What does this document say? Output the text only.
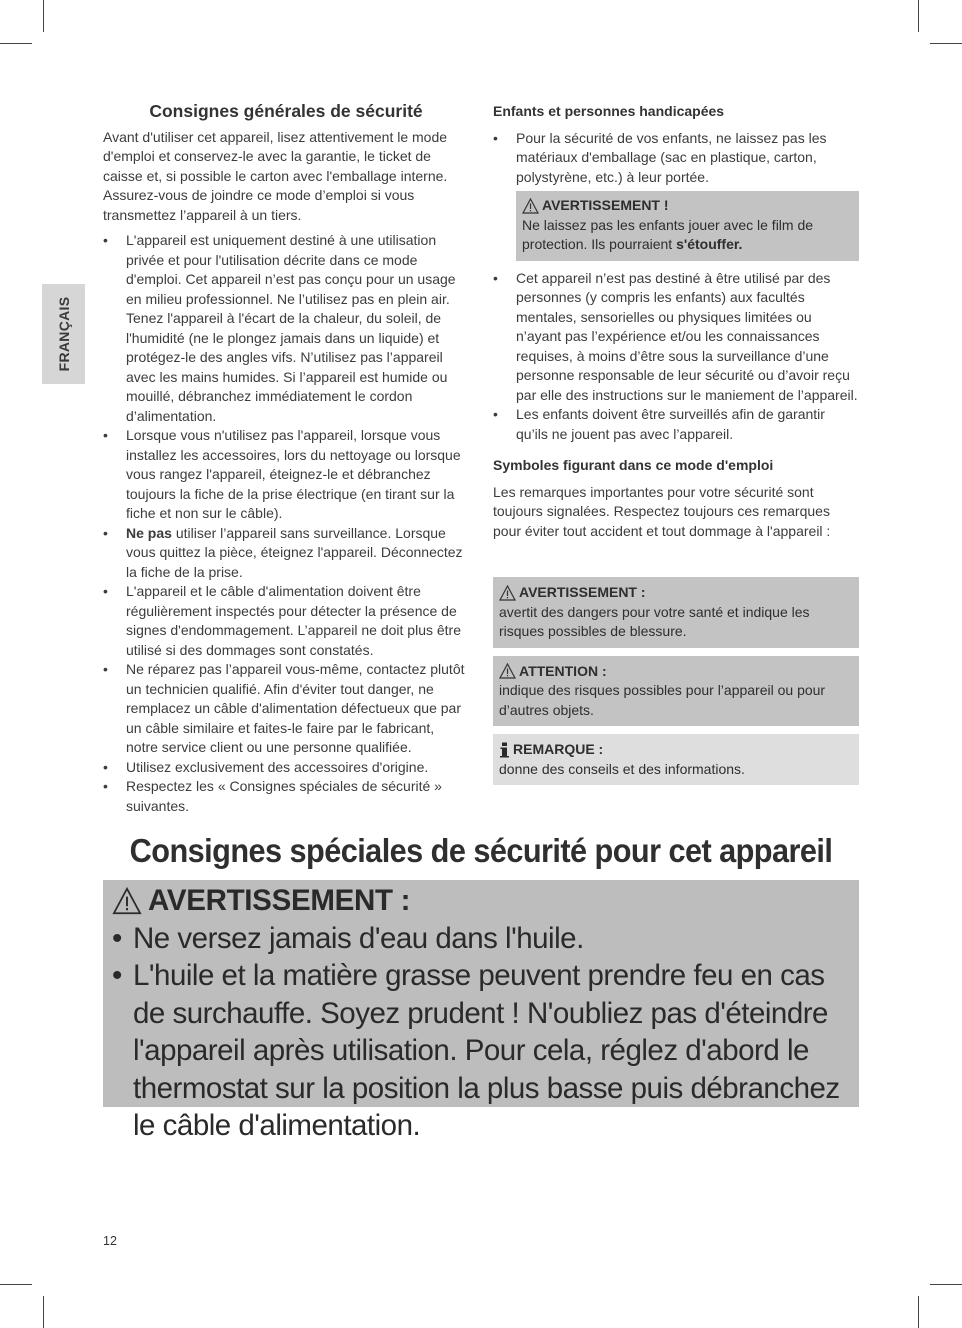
FRANÇAIS
Consignes générales de sécurité

Avant d'utiliser cet appareil, lisez attentivement le mode d'emploi et conservez-le avec la garantie, le ticket de caisse et, si possible le carton avec l'emballage interne. Assurez-vous de joindre ce mode d’emploi si vous transmettez l’appareil à un tiers.

• L'appareil est uniquement destiné à une utilisation privée et pour l'utilisation décrite dans ce mode d'emploi. Cet appareil n’est pas conçu pour un usage en milieu professionnel. Ne l’utilisez pas en plein air. Tenez l'appareil à l'écart de la chaleur, du soleil, de l'humidité (ne le plongez jamais dans un liquide) et protégez-le des angles vifs. N’utilisez pas l’appareil avec les mains humides. Si l’appareil est humide ou mouillé, débranchez immédiatement le cordon d’alimentation.
• Lorsque vous n'utilisez pas l'appareil, lorsque vous installez les accessoires, lors du nettoyage ou lorsque vous rangez l'appareil, éteignez-le et débranchez toujours la fiche de la prise électrique (en tirant sur la fiche et non sur le câble).
• Ne pas utiliser l’appareil sans surveillance. Lorsque vous quittez la pièce, éteignez l'appareil. Déconnectez la fiche de la prise.
• L'appareil et le câble d'alimentation doivent être régulièrement inspectés pour détecter la présence de signes d'endommagement. L’appareil ne doit plus être utilisé si des dommages sont constatés.
• Ne réparez pas l’appareil vous-même, contactez plutôt un technicien qualifié. Afin d'éviter tout danger, ne remplacez un câble d'alimentation défectueux que par un câble similaire et faites-le faire par le fabricant, notre service client ou une personne qualifiée.
• Utilisez exclusivement des accessoires d'origine.
• Respectez les « Consignes spéciales de sécurité » suivantes.
Enfants et personnes handicapées
• Pour la sécurité de vos enfants, ne laissez pas les matériaux d'emballage (sac en plastique, carton, polystyrène, etc.) à leur portée.
AVERTISSEMENT !
Ne laissez pas les enfants jouer avec le film de protection. Ils pourraient s'étouffer.
• Cet appareil n’est pas destiné à être utilisé par des personnes (y compris les enfants) aux facultés mentales, sensorielles ou physiques limitées ou n’ayant pas l’expérience et/ou les connaissances requises, à moins d’être sous la surveillance d’une personne responsable de leur sécurité ou d’avoir reçu par elle des instructions sur le maniement de l’appareil.
• Les enfants doivent être surveillés afin de garantir qu’ils ne jouent pas avec l’appareil.
Symboles figurant dans ce mode d'emploi

Les remarques importantes pour votre sécurité sont toujours signalées. Respectez toujours ces remarques pour éviter tout accident et tout dommage à l'appareil :

AVERTISSEMENT :
avertit des dangers pour votre santé et indique les risques possibles de blessure.
ATTENTION :
indique des risques possibles pour l’appareil ou pour d’autres objets.
REMARQUE :
donne des conseils et des informations.
Consignes spéciales de sécurité pour cet appareil
AVERTISSEMENT :
• Ne versez jamais d'eau dans l'huile.
• L'huile et la matière grasse peuvent prendre feu en cas de surchauffe. Soyez prudent ! N'oubliez pas d'éteindre l'appareil après utilisation. Pour cela, réglez d'abord le thermostat sur la position la plus basse puis débranchez le câble d'alimentation.
12
